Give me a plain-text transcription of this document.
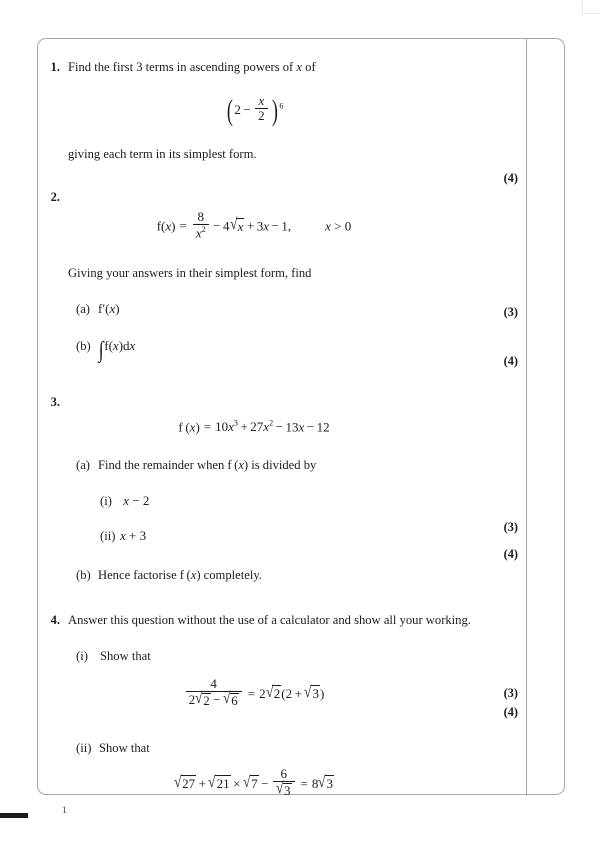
1. Find the first 3 terms in ascending powers of x of
( $2 - \frac{x}{2}$ ) $^6$
giving each term in its simplest form.
(4)
2.
$f(x) = \frac{8}{x^2} - 4√x + 3x - 1$,	x > 0
Giving your answers in their simplest form, find
(a) f′(x)	(3)
(b) ∫f(x)dx
(4)
3.
f $(x) = 10x^3 + 27x^2 - 13x - 12$
(a) Find the remainder when f (x) is divided by
(i) x − 2
(ii) x + 3
(3)
(b) Hence factorise f (x) completely.
(4)
4. Answer this question without the use of a calculator and show all your working.
(i) Show that
$\frac{4}{2√2 - √6} = 2√2(2 + √3)$
(4)
(ii) Show that
$√27 + √21 \times √7 - \frac{6}{√3} = 8√3$
(3)
1
